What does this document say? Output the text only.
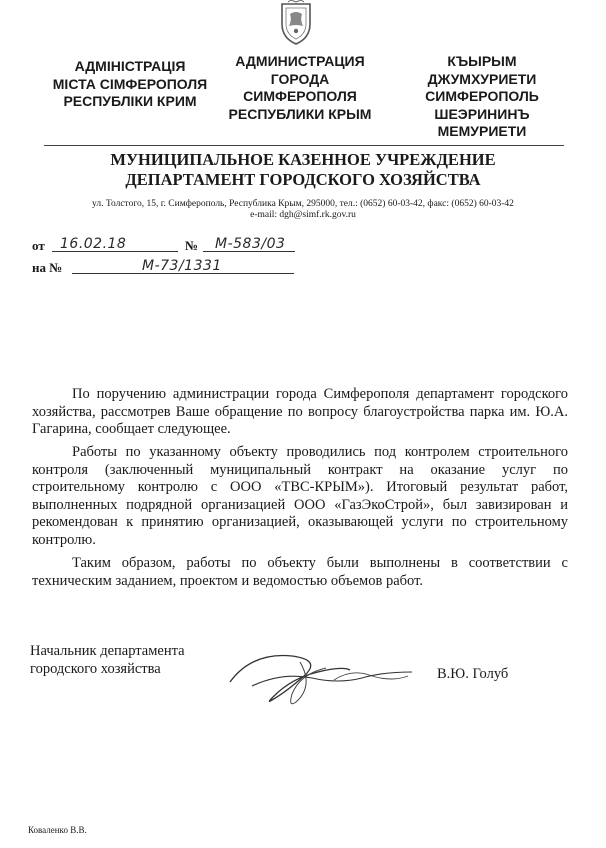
АДМІНІСТРАЦІЯ
МІСТА СІМФЕРОПОЛЯ
РЕСПУБЛІКИ КРИМ
АДМИНИСТРАЦИЯ
ГОРОДА
СИМФЕРОПОЛЯ
РЕСПУБЛИКИ КРЫМ
КЪЫРЫМ
ДЖУМХУРИЕТИ
СИМФЕРОПОЛЬ
ШЕЭРИНИНЪ
МЕМУРИЕТИ
МУНИЦИПАЛЬНОЕ КАЗЕННОЕ УЧРЕЖДЕНИЕ
ДЕПАРТАМЕНТ ГОРОДСКОГО ХОЗЯЙСТВА
ул. Толстого, 15, г. Симферополь, Республика Крым, 295000, тел.: (0652) 60-03-42, факс: (0652) 60-03-42
e-mail: dgh@simf.rk.gov.ru
от 16.02.18	№ М-583/03
на №	М-73/1331
По поручению администрации города Симферополя департамент городского хозяйства, рассмотрев Ваше обращение по вопросу благоустройства парка им. Ю.А. Гагарина, сообщает следующее.
Работы по указанному объекту проводились под контролем строительного контроля (заключенный муниципальный контракт на оказание услуг по строительному контролю с ООО «ТВС-КРЫМ»). Итоговый результат работ, выполненных подрядной организацией ООО «ГазЭкоСтрой», был завизирован и рекомендован к принятию организацией, оказывающей услуги по строительному контролю.
Таким образом, работы по объекту были выполнены в соответствии с техническим заданием, проектом и ведомостью объемов работ.
Начальник департамента
городского хозяйства	В.Ю. Голуб
Коваленко В.В.
